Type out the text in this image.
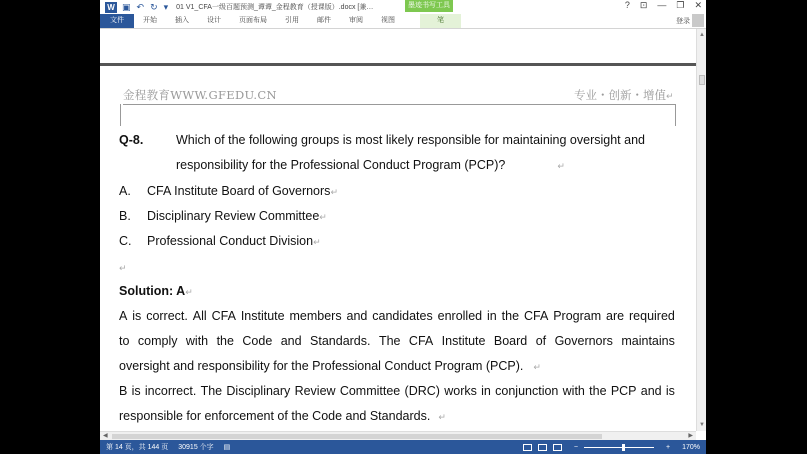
W ▣ ↶ ↻ ▾ 01 V1_CFA一级百题预测_谭谭_金程教育（授课版）.docx [兼…	墨迹书写工具	? ⊡ — ❐ ✕
文件	开始	插入	设计	页面布局	引用	邮件	审阅	视图	笔	登录
金程教育WWW.GFEDU.CN	专业・创新・增值↵
Q-8.	Which of the following groups is most likely responsible for maintaining oversight and
responsibility for the Professional Conduct Program (PCP)?	↵
A. CFA Institute Board of Governors↵
B. Disciplinary Review Committee↵
C. Professional Conduct Division↵
↵
Solution: A↵
A is correct. All CFA Institute members and candidates enrolled in the CFA Program are required
to comply with the Code and Standards. The CFA Institute Board of Governors maintains
oversight and responsibility for the Professional Conduct Program (PCP). ↵
B is incorrect. The Disciplinary Review Committee (DRC) works in conjunction with the PCP and is
responsible for enforcement of the Code and Standards. ↵
▲
▼
◀	▶
第 14 页，共 144 页 30915 个字 ▤	−	+ 170%
